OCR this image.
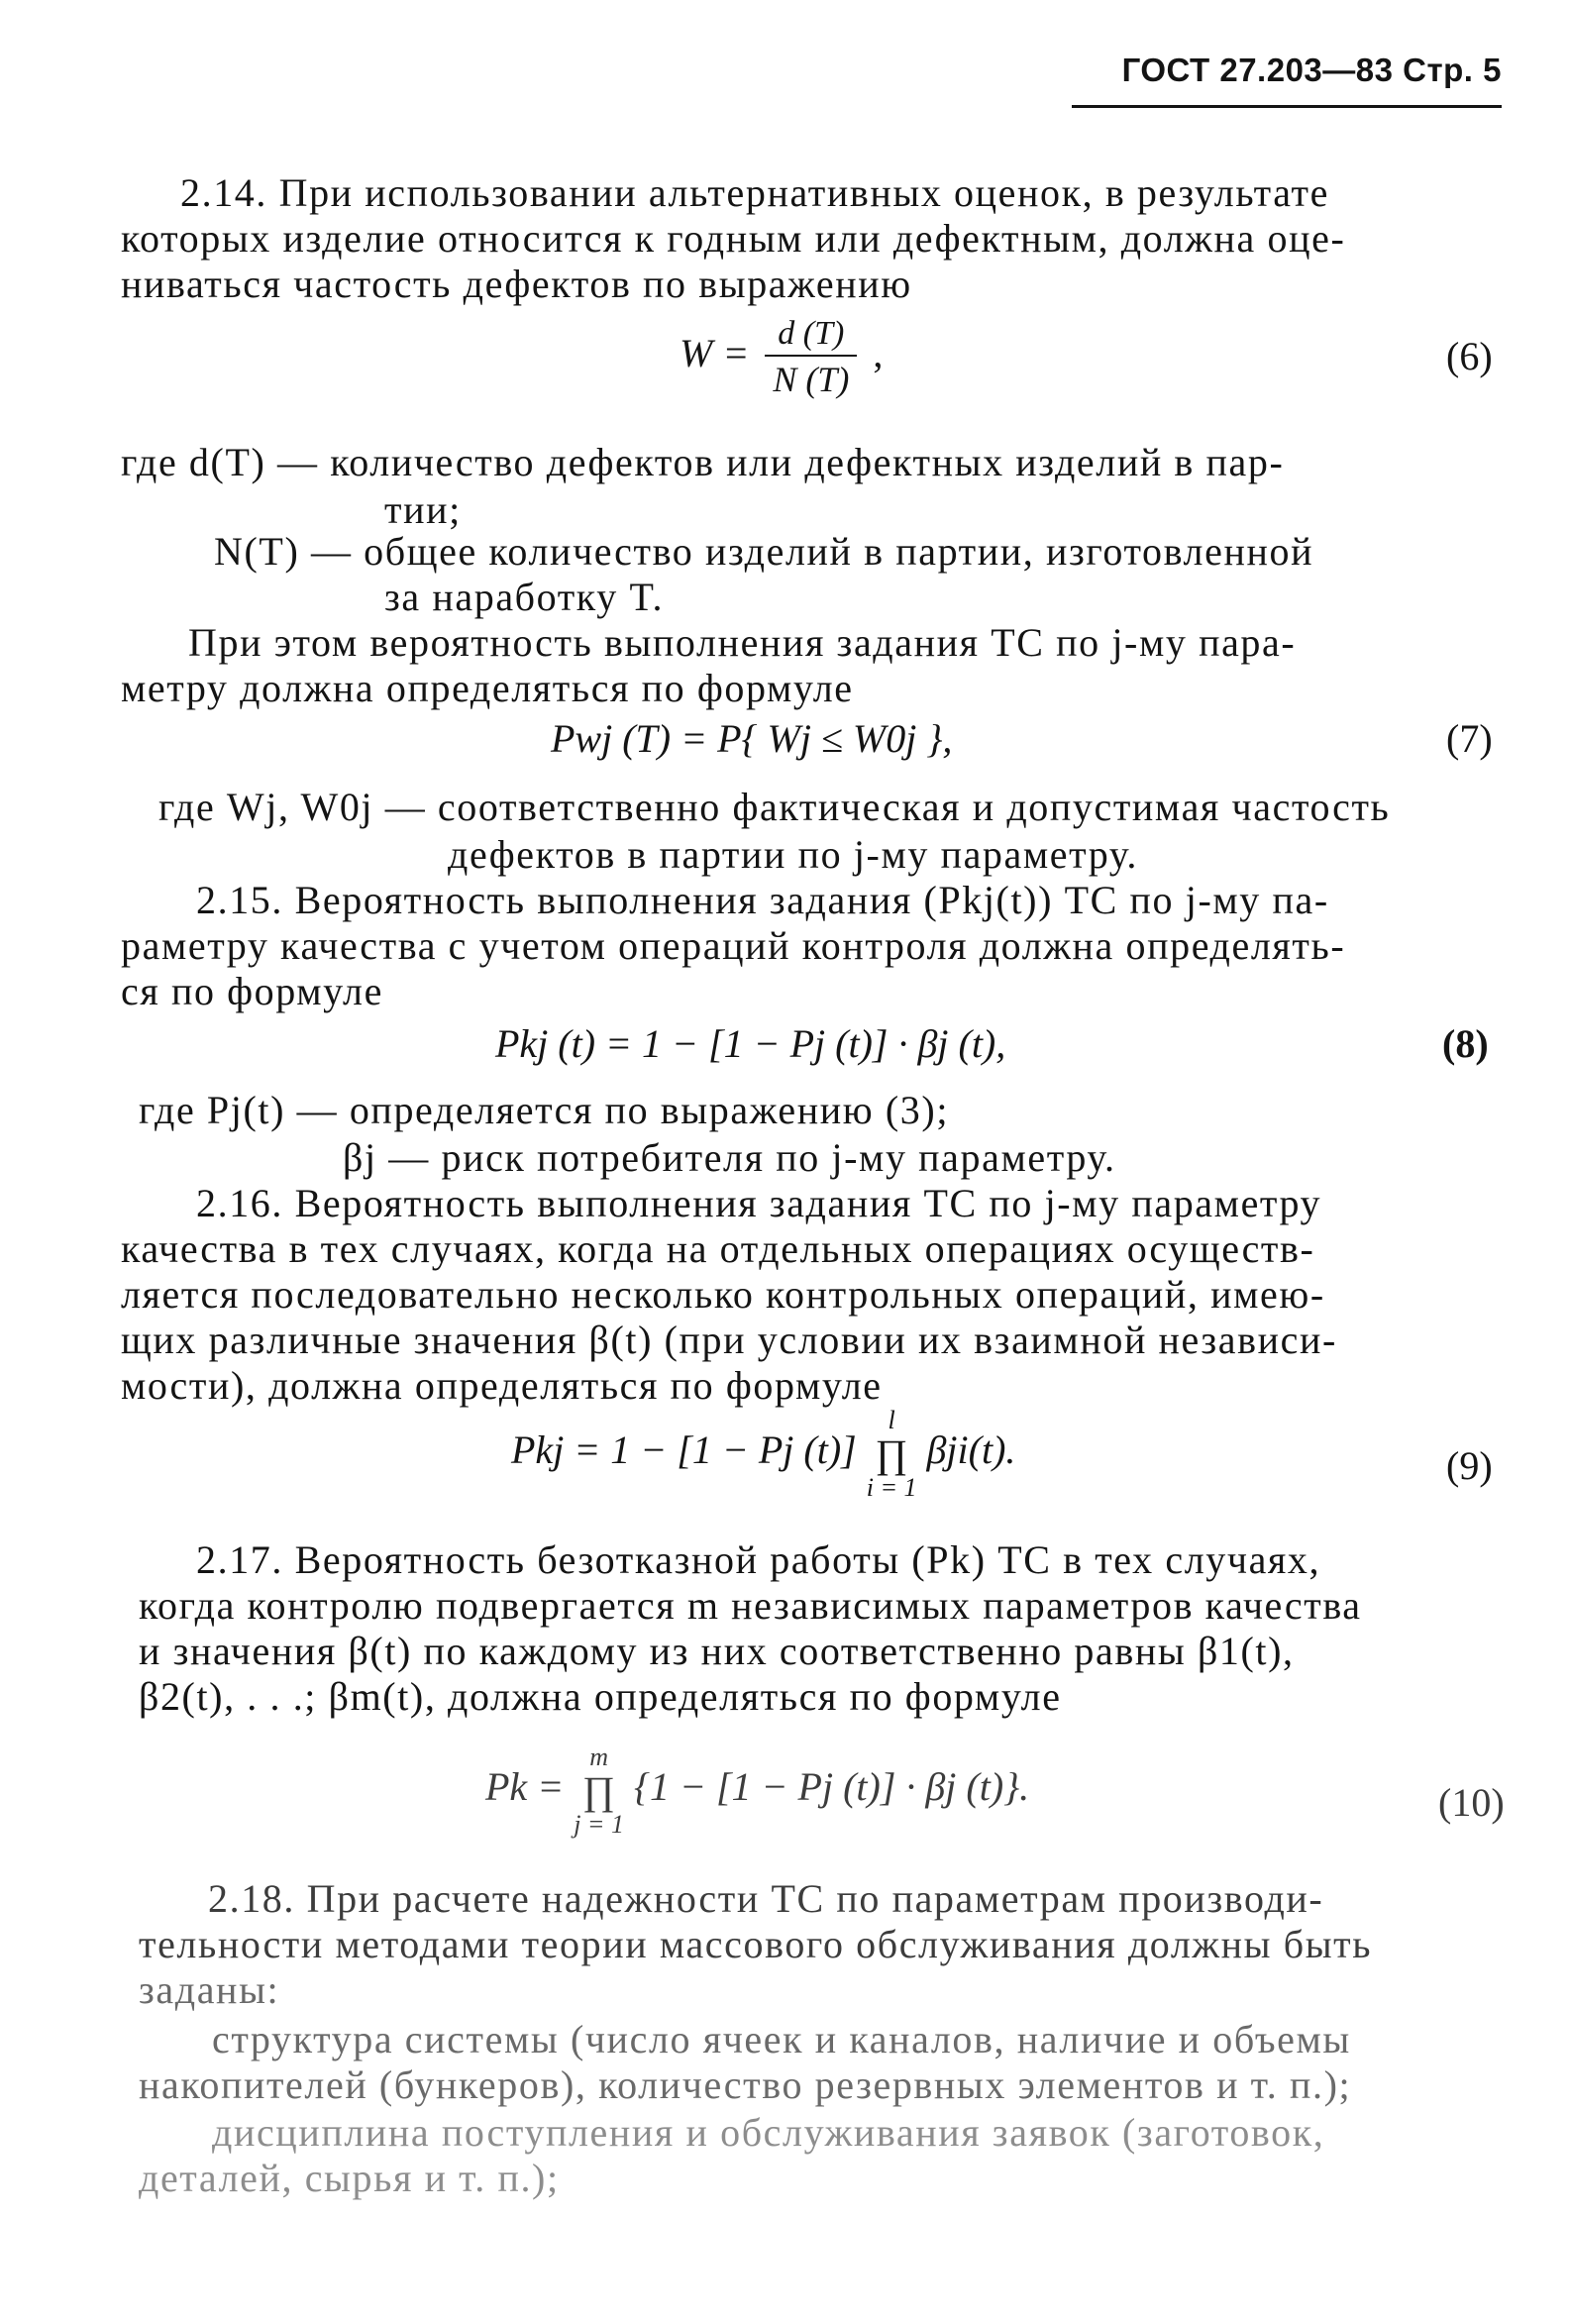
ГОСТ 27.203—83 Стр. 5
2.14. При использовании альтернативных оценок, в результате
которых изделие относится к годным или дефектным, должна оце-
ниваться частость дефектов по выражению
$W = \frac{d (T)}{N (T)}$ ,	(6)
где d(T) — количество дефектов или дефектных изделий в пар-
тии;
N(T) — общее количество изделий в партии, изготовленной
за наработку T.
При этом вероятность выполнения задания ТС по j-му пара-
метру должна определяться по формуле
Pwj (T) = P{ Wj ≤ W0j },	(7)
где Wj, W0j — соответственно фактическая и допустимая частость
дефектов в партии по j-му параметру.
2.15. Вероятность выполнения задания (Pkj(t)) ТС по j-му па-
раметру качества с учетом операций контроля должна определять-
ся по формуле
Pkj (t) = 1 − [1 − Pj (t)] · βj (t),	(8)
где Pj(t) — определяется по выражению (3);
βj — риск потребителя по j-му параметру.
2.16. Вероятность выполнения задания ТС по j-му параметру
качества в тех случаях, когда на отдельных операциях осуществ-
ляется последовательно несколько контрольных операций, имею-
щих различные значения β(t) (при условии их взаимной независи-
мости), должна определяться по формуле
Pkj = 1 − [1 − Pj (t)]
l
∏
i = 1
βji(t).	(9)
2.17. Вероятность безотказной работы (Pk) ТС в тех случаях,
когда контролю подвергается m независимых параметров качества
и значения β(t) по каждому из них соответственно равны β1(t),
β2(t), . . .; βm(t), должна определяться по формуле
Pk =
m
∏
j = 1
{1 − [1 − Pj (t)] · βj (t)}.	(10)
2.18. При расчете надежности ТС по параметрам производи-
тельности методами теории массового обслуживания должны быть
заданы:
структура системы (число ячеек и каналов, наличие и объемы
накопителей (бункеров), количество резервных элементов и т. п.);
дисциплина поступления и обслуживания заявок (заготовок,
деталей, сырья и т. п.);
